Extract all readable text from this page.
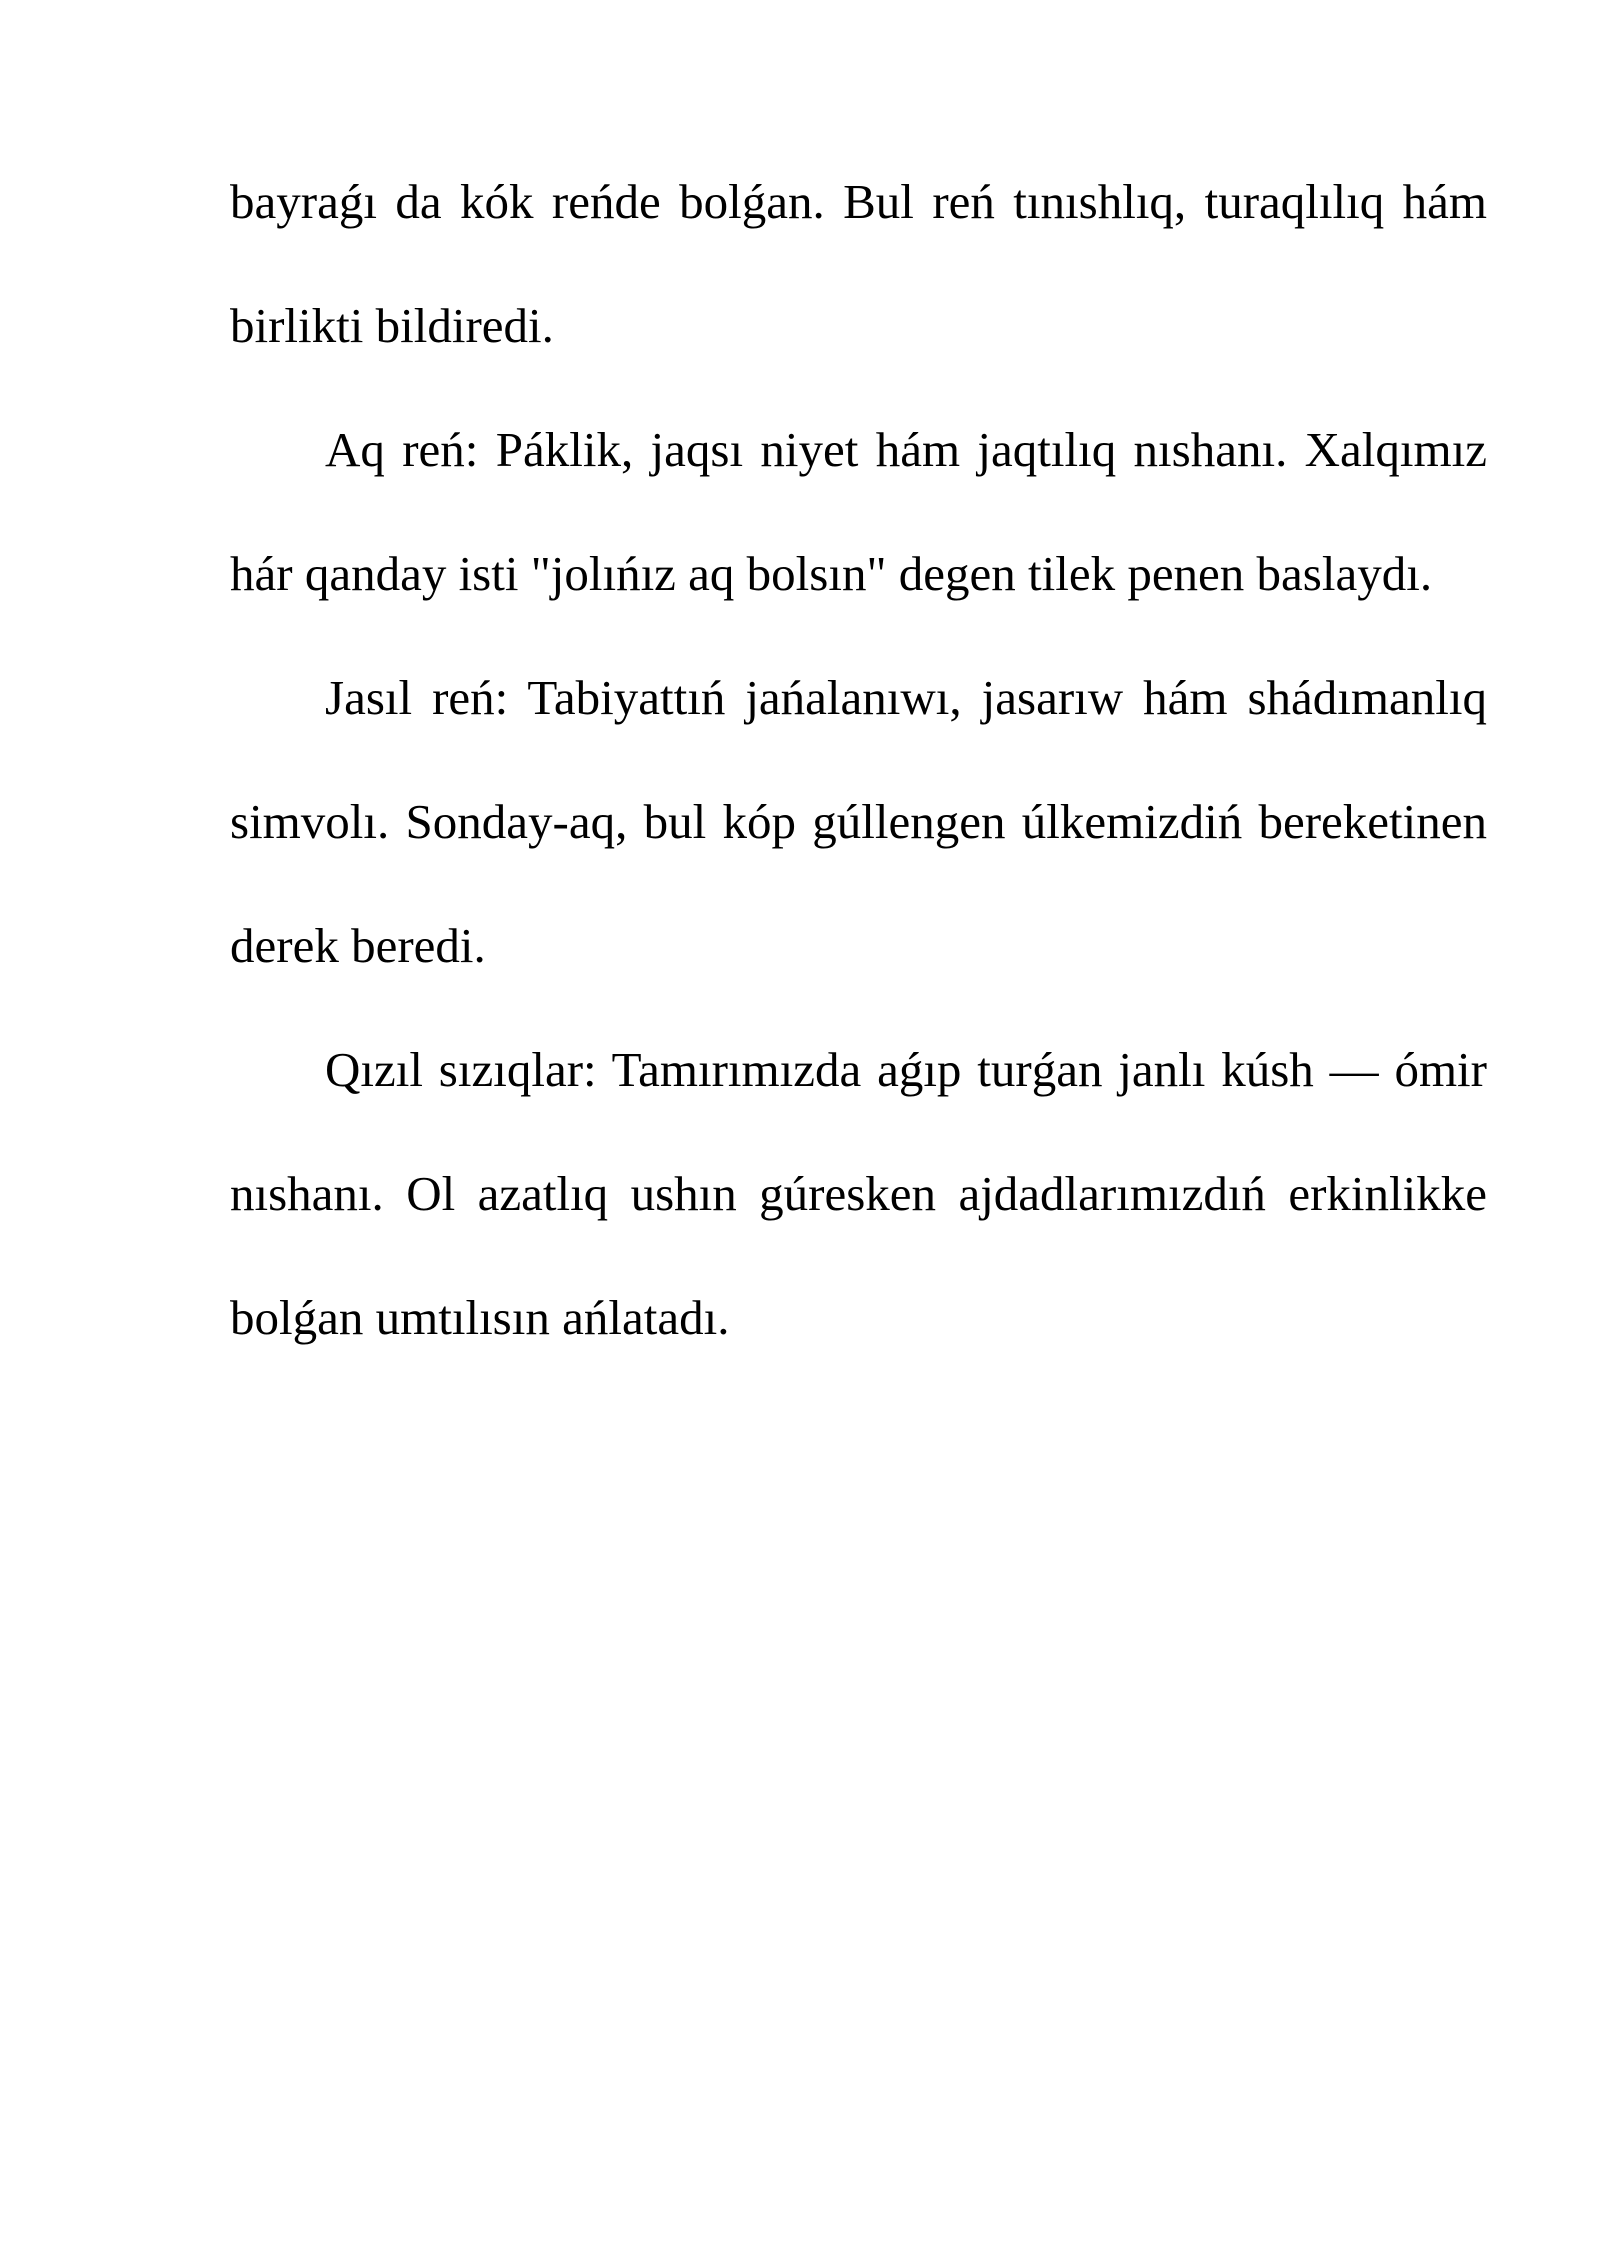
bayraǵı da kók reńde bolǵan. Bul reń tınıshlıq, turaqlılıq hám birlikti bildiredi.

Aq reń: Páklik, jaqsı niyet hám jaqtılıq nıshanı. Xalqımız hár qanday isti "jolıńız aq bolsın" degen tilek penen baslaydı.

Jasıl reń: Tabiyattıń jańalanıwı, jasarıw hám shádımanlıq simvolı. Sonday-aq, bul kóp gúllengen úlkemizdiń bereketinen derek beredi.

Qızıl sızıqlar: Tamırımızda aǵıp turǵan janlı kúsh — ómir nıshanı. Ol azatlıq ushın gúresken ajdadlarımızdıń erkinlikke bolǵan umtılısın ańlatadı.
